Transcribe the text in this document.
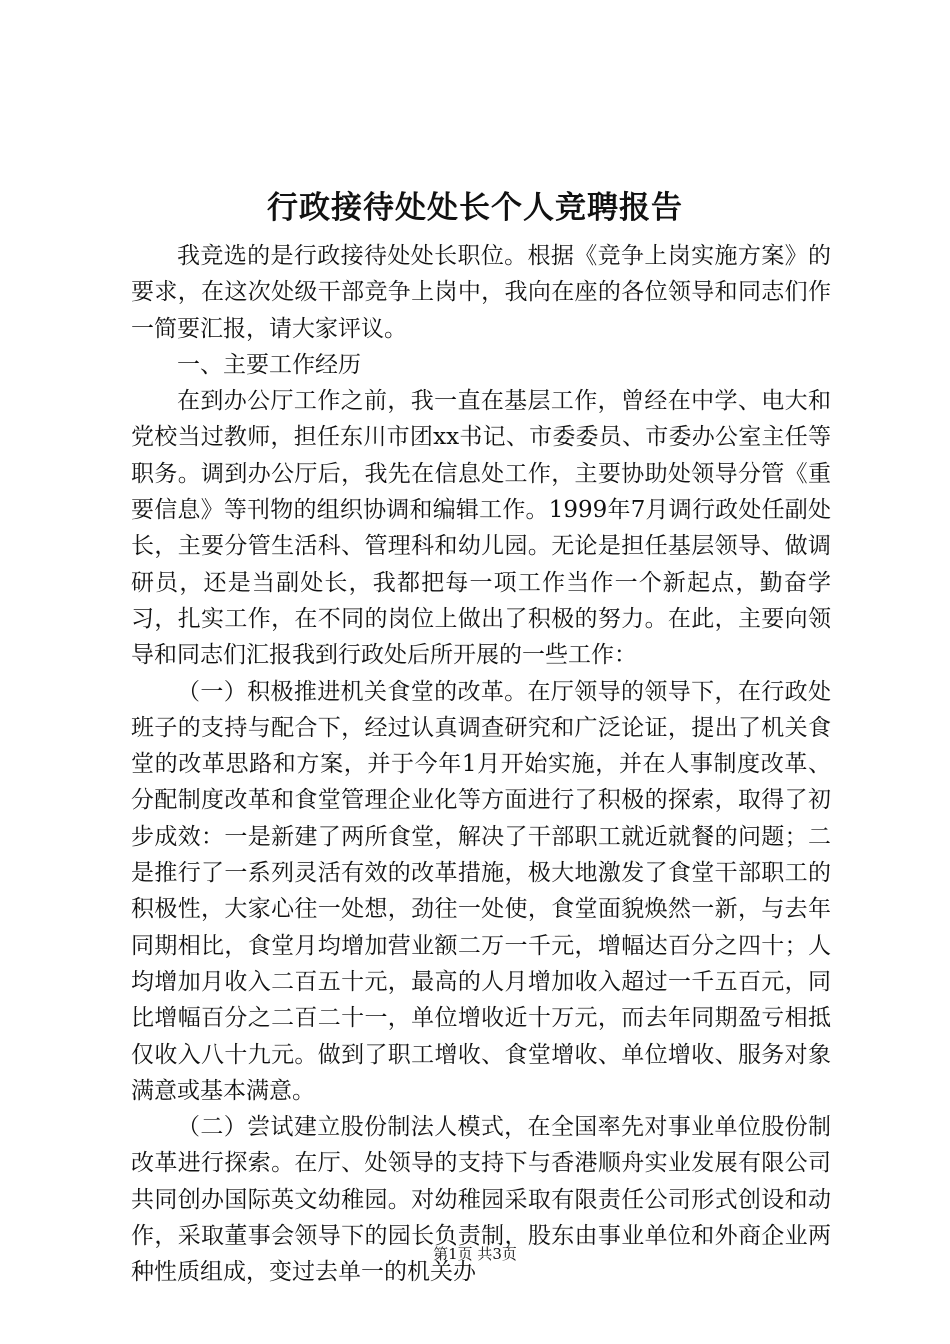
行政接待处处长个人竞聘报告

我竞选的是行政接待处处长职位。根据《竞争上岗实施方案》的要求，在这次处级干部竞争上岗中，我向在座的各位领导和同志们作一简要汇报，请大家评议。

一、主要工作经历

在到办公厅工作之前，我一直在基层工作，曾经在中学、电大和党校当过教师，担任东川市团xx书记、市委委员、市委办公室主任等职务。调到办公厅后，我先在信息处工作，主要协助处领导分管《重要信息》等刊物的组织协调和编辑工作。1999年7月调行政处任副处长，主要分管生活科、管理科和幼儿园。无论是担任基层领导、做调研员，还是当副处长，我都把每一项工作当作一个新起点，勤奋学习，扎实工作，在不同的岗位上做出了积极的努力。在此，主要向领导和同志们汇报我到行政处后所开展的一些工作：

（一）积极推进机关食堂的改革。在厅领导的领导下，在行政处班子的支持与配合下，经过认真调查研究和广泛论证，提出了机关食堂的改革思路和方案，并于今年1月开始实施，并在人事制度改革、分配制度改革和食堂管理企业化等方面进行了积极的探索，取得了初步成效：一是新建了两所食堂，解决了干部职工就近就餐的问题；二是推行了一系列灵活有效的改革措施，极大地激发了食堂干部职工的积极性，大家心往一处想，劲往一处使，食堂面貌焕然一新，与去年同期相比，食堂月均增加营业额二万一千元，增幅达百分之四十；人均增加月收入二百五十元，最高的人月增加收入超过一千五百元，同比增幅百分之二百二十一，单位增收近十万元，而去年同期盈亏相抵仅收入八十九元。做到了职工增收、食堂增收、单位增收、服务对象满意或基本满意。

（二）尝试建立股份制法人模式，在全国率先对事业单位股份制改革进行探索。在厅、处领导的支持下与香港顺舟实业发展有限公司共同创办国际英文幼稚园。对幼稚园采取有限责任公司形式创设和动作，采取董事会领导下的园长负责制，股东由事业单位和外商企业两种性质组成，变过去单一的机关办

第1页 共3页
